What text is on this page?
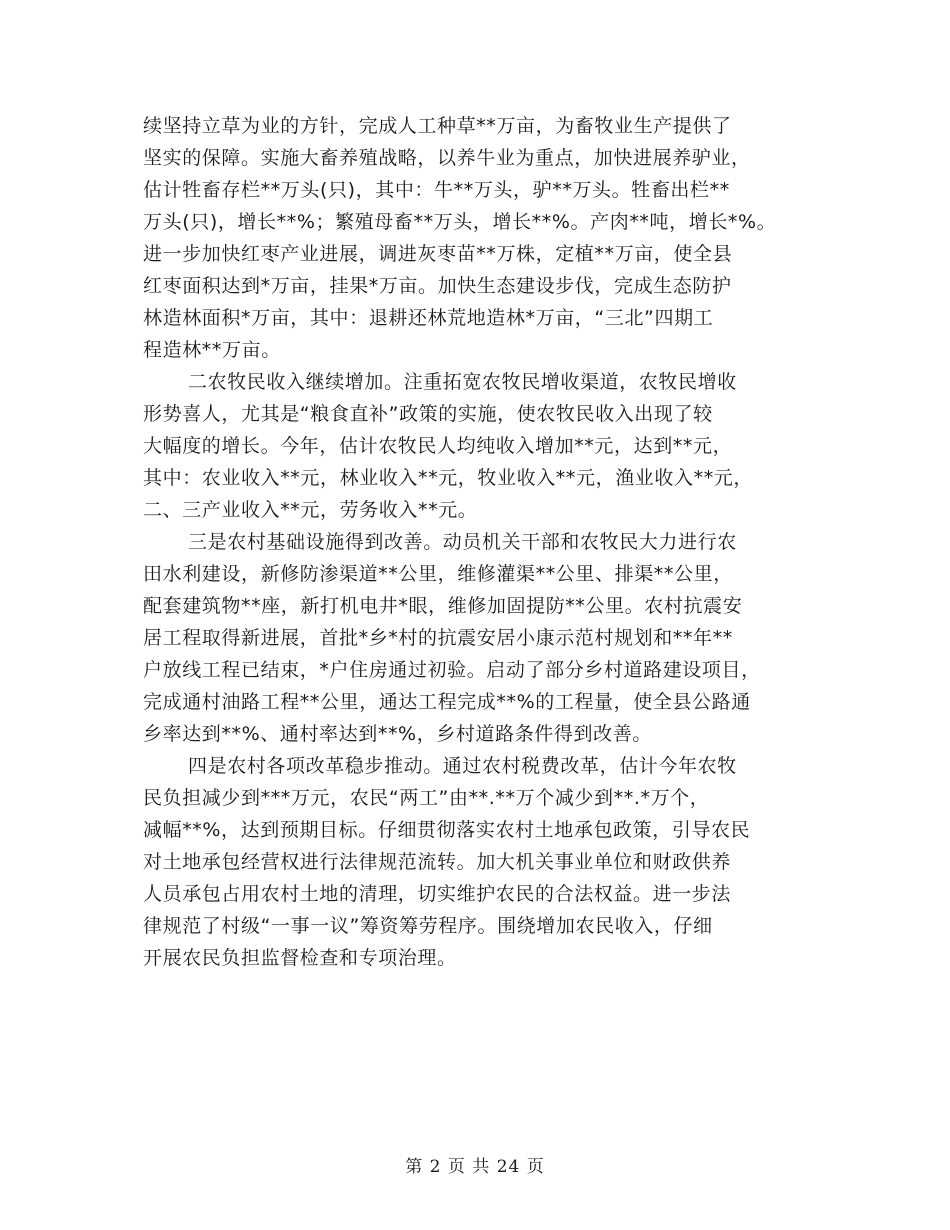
续坚持立草为业的方针，完成人工种草**万亩，为畜牧业生产提供了
坚实的保障。实施大畜养殖战略，以养牛业为重点，加快进展养驴业，
估计牲畜存栏**万头(只)，其中：牛**万头，驴**万头。牲畜出栏**
万头(只)，增长**%；繁殖母畜**万头，增长**%。产肉**吨，增长*%。
进一步加快红枣产业进展，调进灰枣苗**万株，定植**万亩，使全县
红枣面积达到*万亩，挂果*万亩。加快生态建设步伐，完成生态防护
林造林面积*万亩，其中：退耕还林荒地造林*万亩，“三北”四期工
程造林**万亩。
二农牧民收入继续增加。注重拓宽农牧民增收渠道，农牧民增收
形势喜人，尤其是“粮食直补”政策的实施，使农牧民收入出现了较
大幅度的增长。今年，估计农牧民人均纯收入增加**元，达到**元，
其中：农业收入**元，林业收入**元，牧业收入**元，渔业收入**元，
二、三产业收入**元，劳务收入**元。
三是农村基础设施得到改善。动员机关干部和农牧民大力进行农
田水利建设，新修防渗渠道**公里，维修灌渠**公里、排渠**公里，
配套建筑物**座，新打机电井*眼，维修加固提防**公里。农村抗震安
居工程取得新进展，首批*乡*村的抗震安居小康示范村规划和**年**
户放线工程已结束，*户住房通过初验。启动了部分乡村道路建设项目，
完成通村油路工程**公里，通达工程完成**%的工程量，使全县公路通
乡率达到**%、通村率达到**%，乡村道路条件得到改善。
四是农村各项改革稳步推动。通过农村税费改革，估计今年农牧
民负担减少到***万元，农民“两工”由**.**万个减少到**.*万个，
减幅**%，达到预期目标。仔细贯彻落实农村土地承包政策，引导农民
对土地承包经营权进行法律规范流转。加大机关事业单位和财政供养
人员承包占用农村土地的清理，切实维护农民的合法权益。进一步法
律规范了村级“一事一议”筹资筹劳程序。围绕增加农民收入，仔细
开展农民负担监督检查和专项治理。
第 2 页 共 24 页
